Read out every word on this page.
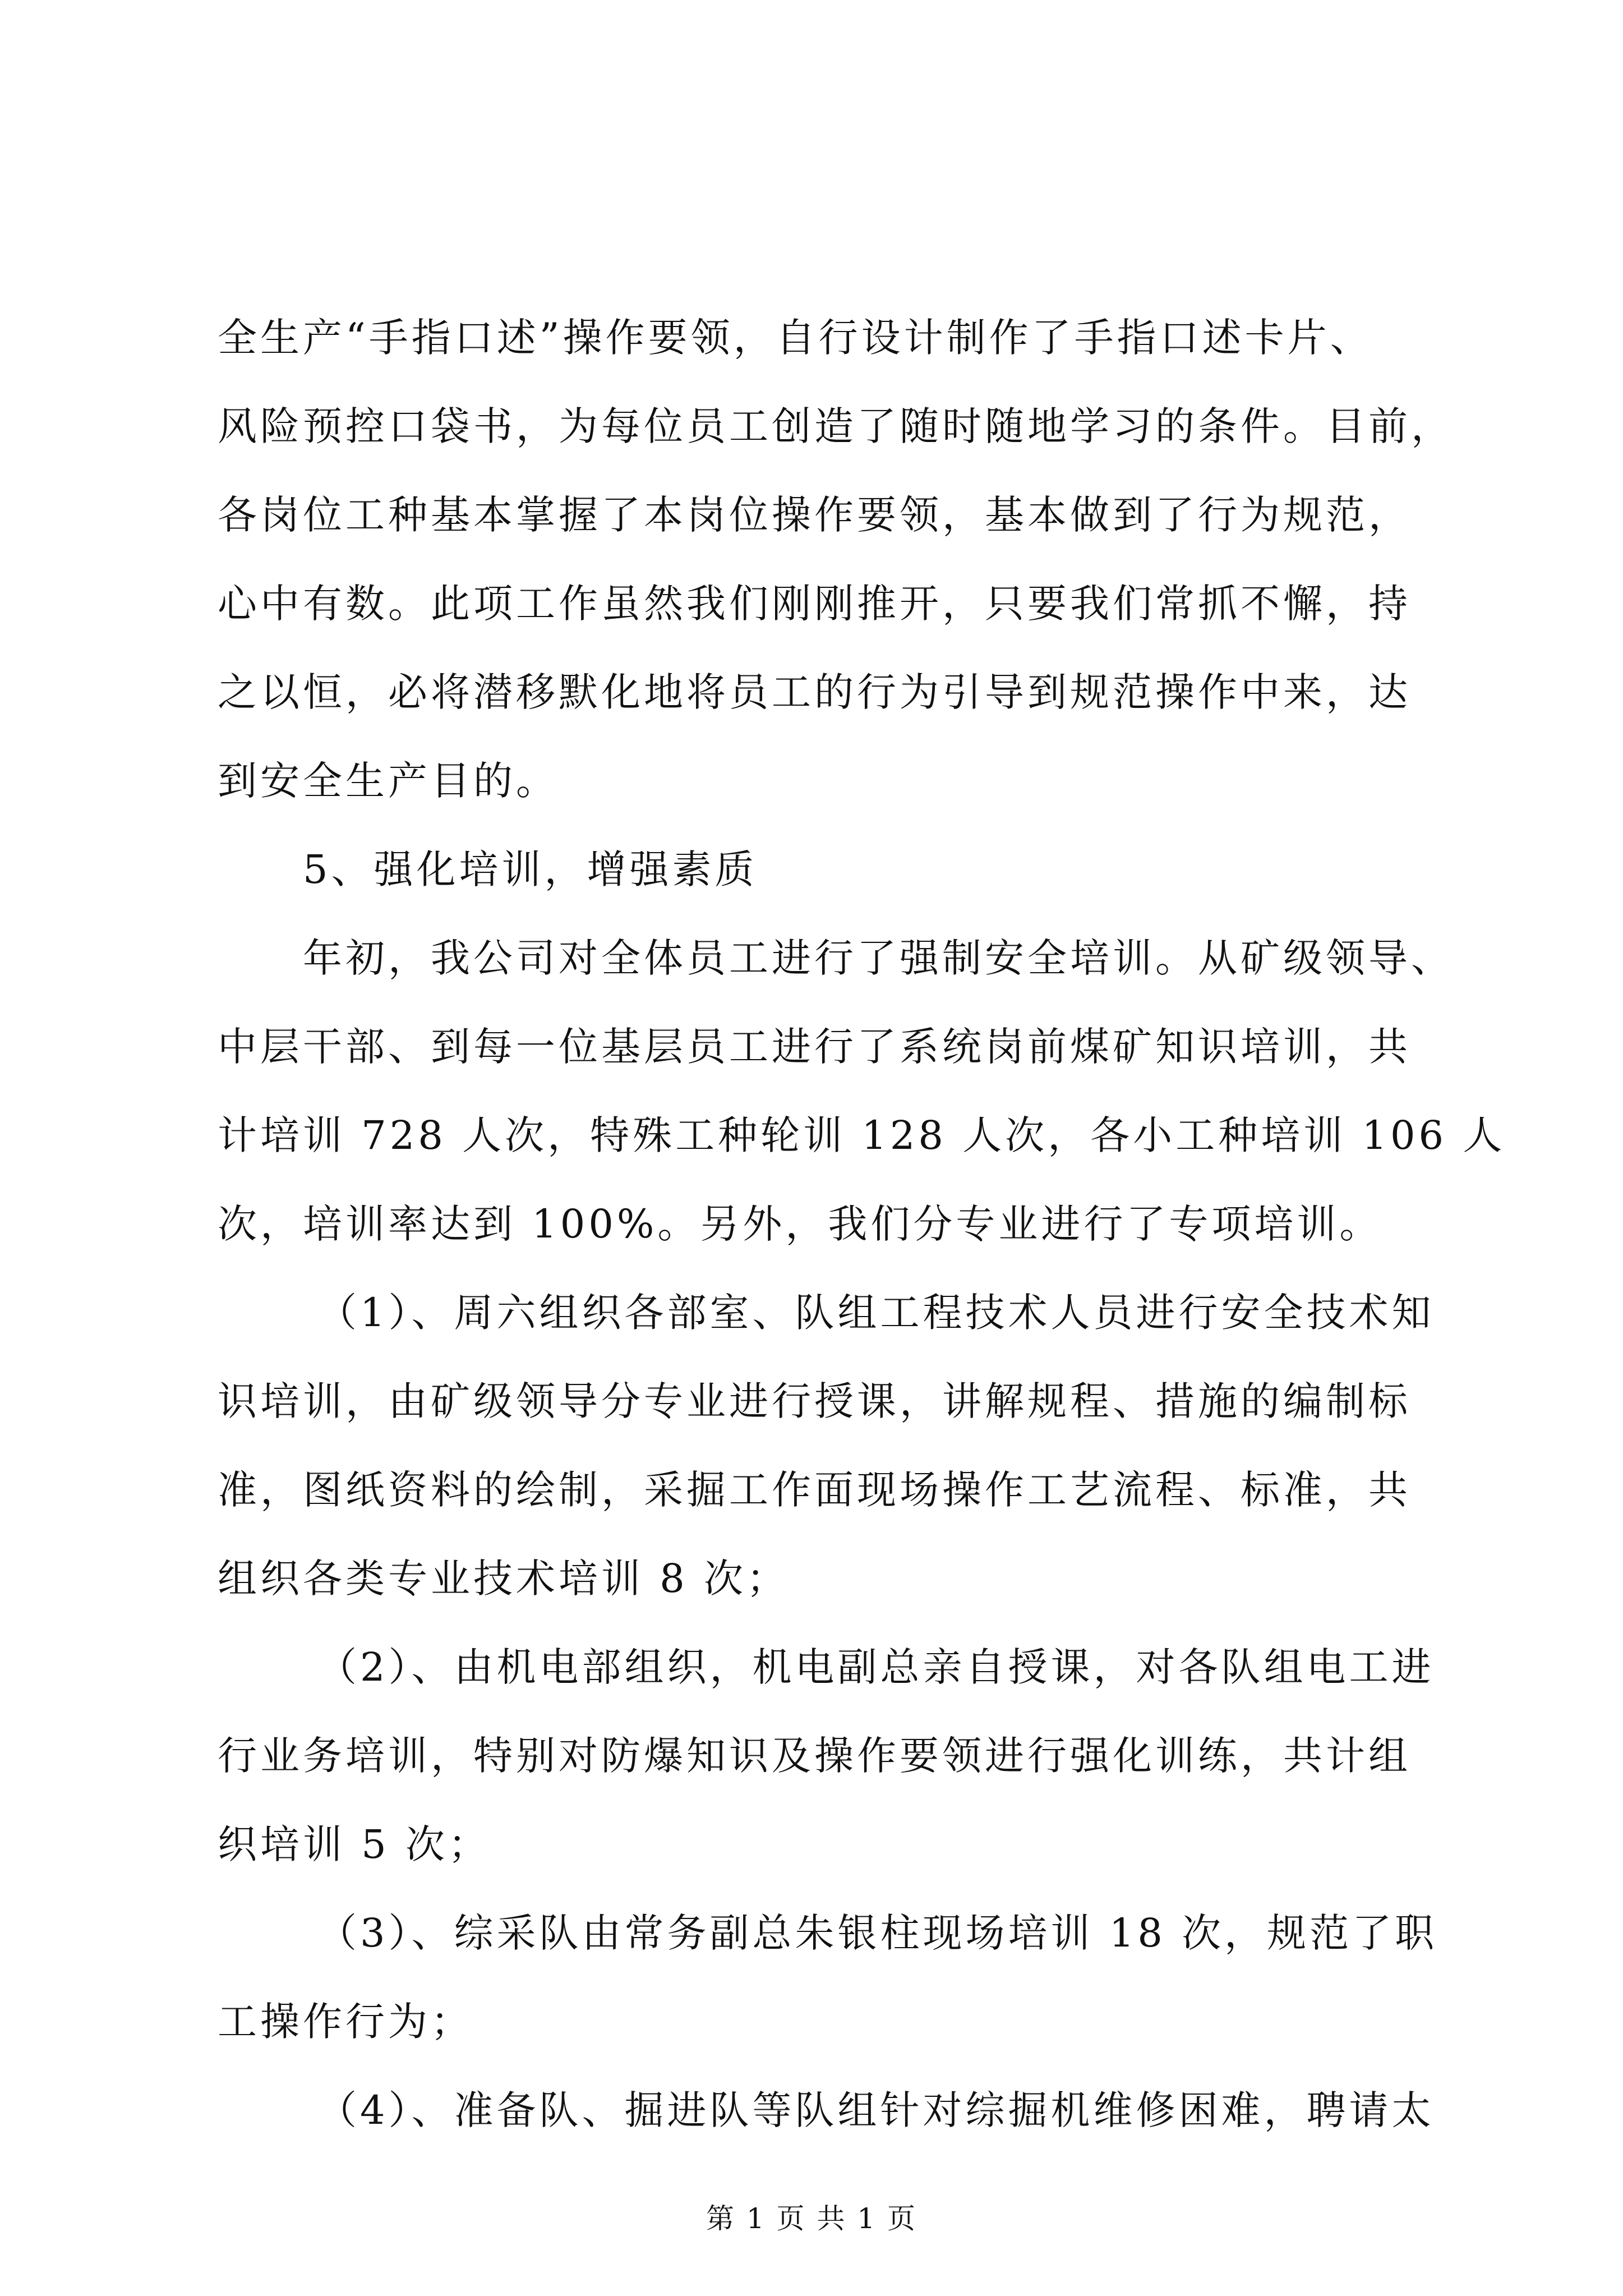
全生产“手指口述”操作要领，自行设计制作了手指口述卡片、
风险预控口袋书，为每位员工创造了随时随地学习的条件。目前，
各岗位工种基本掌握了本岗位操作要领，基本做到了行为规范，
心中有数。此项工作虽然我们刚刚推开，只要我们常抓不懈，持
之以恒，必将潜移默化地将员工的行为引导到规范操作中来，达
到安全生产目的。
5、强化培训，增强素质
年初，我公司对全体员工进行了强制安全培训。从矿级领导、
中层干部、到每一位基层员工进行了系统岗前煤矿知识培训，共
计培训 728 人次，特殊工种轮训 128 人次，各小工种培训 106 人
次，培训率达到 100%。另外，我们分专业进行了专项培训。
（1）、周六组织各部室、队组工程技术人员进行安全技术知
识培训，由矿级领导分专业进行授课，讲解规程、措施的编制标
准，图纸资料的绘制，采掘工作面现场操作工艺流程、标准，共
组织各类专业技术培训 8 次；
（2）、由机电部组织，机电副总亲自授课，对各队组电工进
行业务培训，特别对防爆知识及操作要领进行强化训练，共计组
织培训 5 次；
（3）、综采队由常务副总朱银柱现场培训 18 次，规范了职
工操作行为；
（4）、准备队、掘进队等队组针对综掘机维修困难，聘请太
第 1 页 共 1 页
